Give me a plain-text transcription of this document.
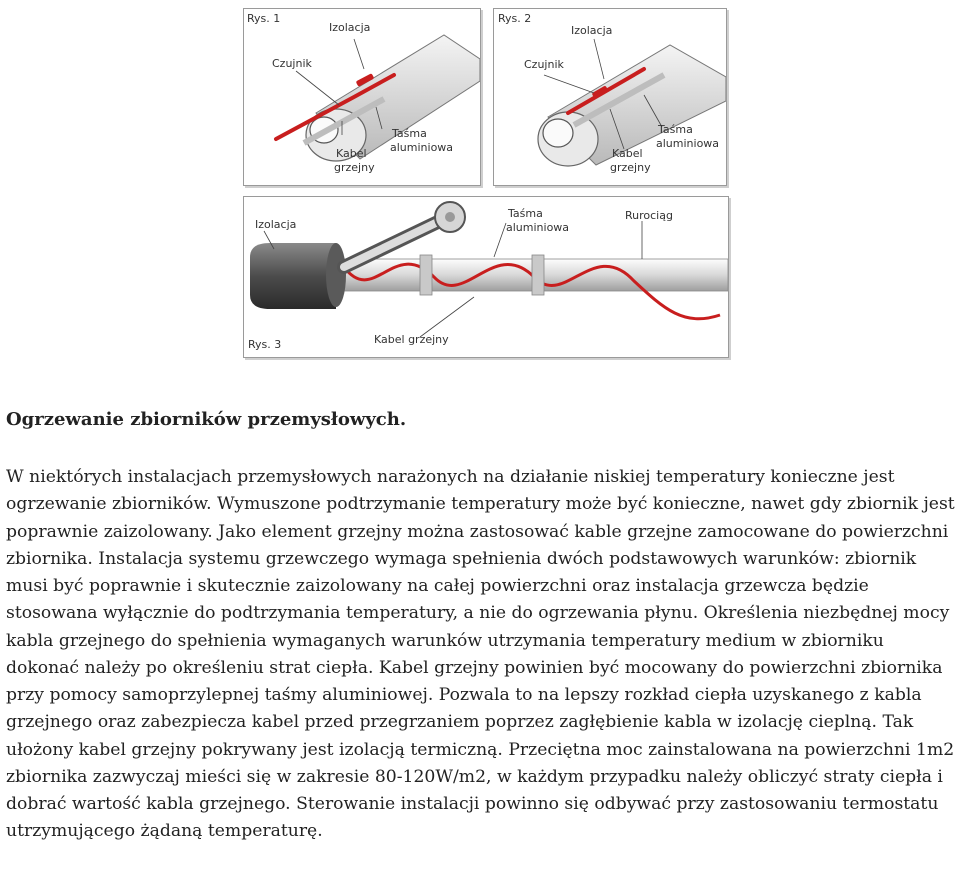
Rys. 1
Izolacja
Czujnik
Kabel
grzejny
Taśma
aluminiowa
Rys. 2
Izolacja
Czujnik
Kabel
grzejny
Taśma
aluminiowa
Izolacja
Taśma
aluminiowa
Rurociąg
Kabel grzejny
Rys. 3
Ogrzewanie zbiorników przemysłowych.

W niektórych instalacjach przemysłowych narażonych na działanie niskiej temperatury konieczne jest ogrzewanie zbiorników. Wymuszone podtrzymanie temperatury może być konieczne, nawet gdy zbiornik jest poprawnie zaizolowany. Jako element grzejny można zastosować kable grzejne zamocowane do powierzchni zbiornika. Instalacja systemu grzewczego wymaga spełnienia dwóch podstawowych warunków: zbiornik musi być poprawnie i skutecznie zaizolowany na całej powierzchni oraz instalacja grzewcza będzie stosowana wyłącznie do podtrzymania temperatury, a nie do ogrzewania płynu. Określenia niezbędnej mocy kabla grzejnego do spełnienia wymaganych warunków utrzymania temperatury medium w zbiorniku dokonać należy po określeniu strat ciepła. Kabel grzejny powinien być mocowany do powierzchni zbiornika przy pomocy samoprzylepnej taśmy aluminiowej. Pozwala to na lepszy rozkład ciepła uzyskanego z kabla grzejnego oraz zabezpiecza kabel przed przegrzaniem poprzez zagłębienie kabla w izolację cieplną. Tak ułożony kabel grzejny pokrywany jest izolacją termiczną. Przeciętna moc zainstalowana na powierzchni 1m2 zbiornika zazwyczaj mieści się w zakresie 80-120W/m2, w każdym przypadku należy obliczyć straty ciepła i dobrać wartość kabla grzejnego. Sterowanie instalacji powinno się odbywać przy zastosowaniu termostatu utrzymującego żądaną temperaturę.
